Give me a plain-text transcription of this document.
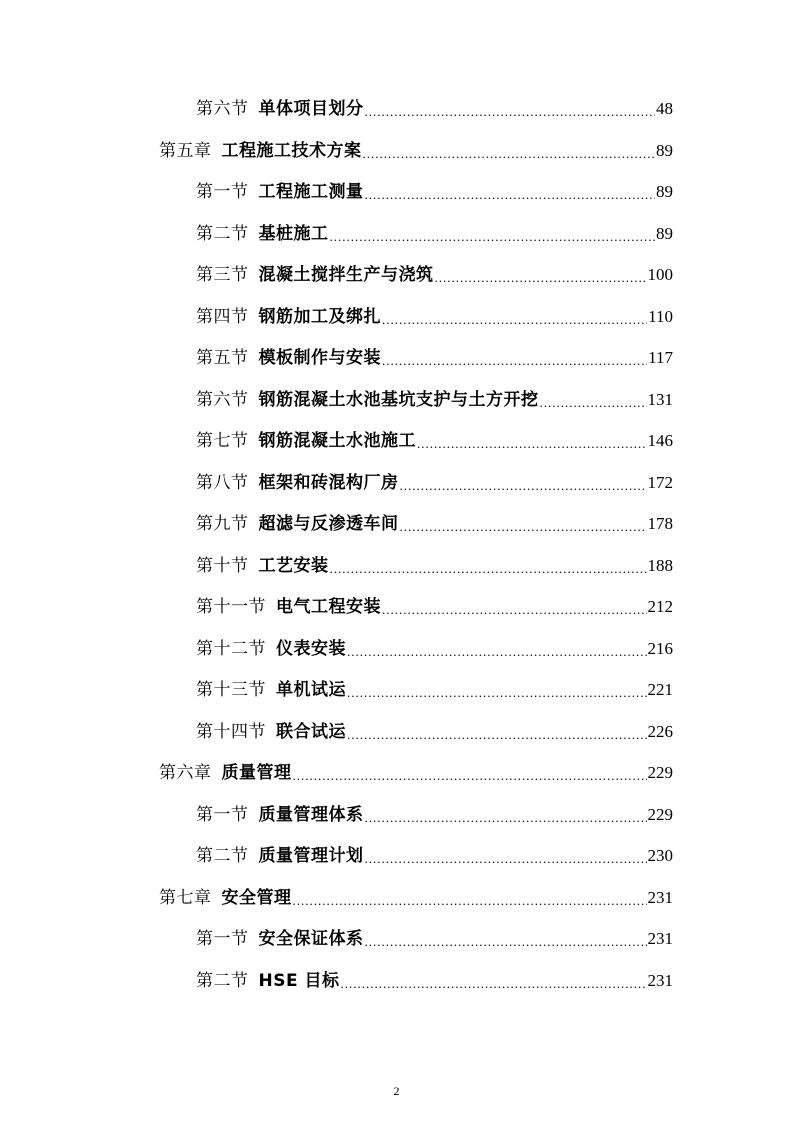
第六节 单体项目划分 .....	48
第五章 工程施工技术方案 .....	89
第一节 工程施工测量 .....	89
第二节 基桩施工 .....	89
第三节 混凝土搅拌生产与浇筑 .....	100
第四节 钢筋加工及绑扎 .....	110
第五节 模板制作与安装 .....	117
第六节 钢筋混凝土水池基坑支护与土方开挖 .....	131
第七节 钢筋混凝土水池施工 .....	146
第八节 框架和砖混构厂房 .....	172
第九节 超滤与反渗透车间 .....	178
第十节 工艺安装 .....	188
第十一节 电气工程安装 .....	212
第十二节 仪表安装 .....	216
第十三节 单机试运 .....	221
第十四节 联合试运 .....	226
第六章 质量管理 .....	229
第一节 质量管理体系 .....	229
第二节 质量管理计划 .....	230
第七章 安全管理 .....	231
第一节 安全保证体系 .....	231
第二节 HSE 目标 .....	231
2
